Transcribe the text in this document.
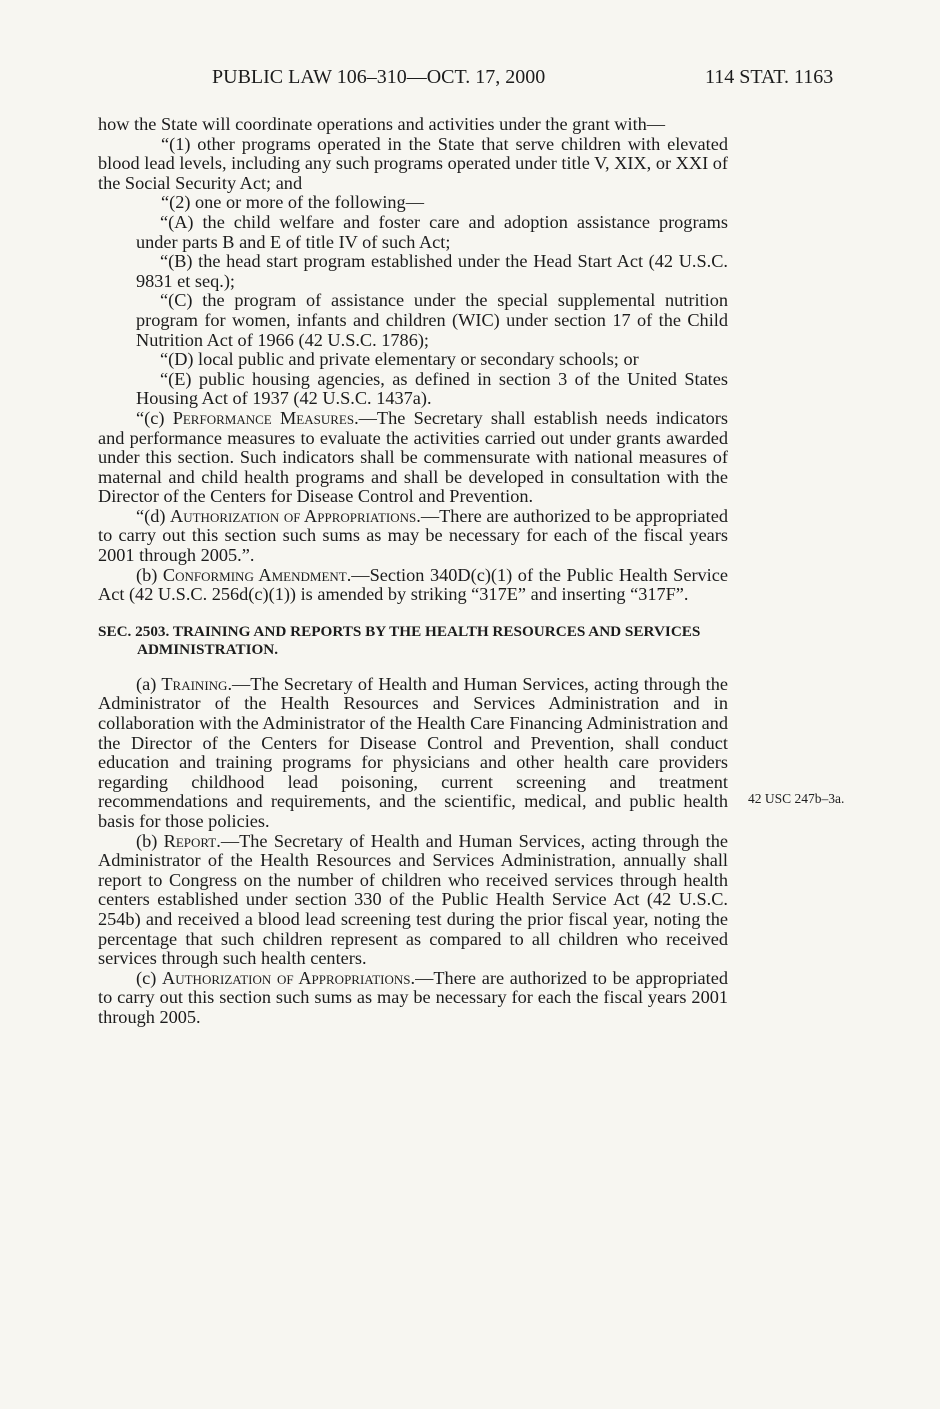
PUBLIC LAW 106–310—OCT. 17, 2000	114 STAT. 1163

how the State will coordinate operations and activities under the grant with—

“(1) other programs operated in the State that serve children with elevated blood lead levels, including any such programs operated under title V, XIX, or XXI of the Social Security Act; and

“(2) one or more of the following—

“(A) the child welfare and foster care and adoption assistance programs under parts B and E of title IV of such Act;

“(B) the head start program established under the Head Start Act (42 U.S.C. 9831 et seq.);

“(C) the program of assistance under the special supplemental nutrition program for women, infants and children (WIC) under section 17 of the Child Nutrition Act of 1966 (42 U.S.C. 1786);

“(D) local public and private elementary or secondary schools; or

“(E) public housing agencies, as defined in section 3 of the United States Housing Act of 1937 (42 U.S.C. 1437a).

“(c) Performance Measures.—The Secretary shall establish needs indicators and performance measures to evaluate the activities carried out under grants awarded under this section. Such indicators shall be commensurate with national measures of maternal and child health programs and shall be developed in consultation with the Director of the Centers for Disease Control and Prevention.

“(d) Authorization of Appropriations.—There are authorized to be appropriated to carry out this section such sums as may be necessary for each of the fiscal years 2001 through 2005.”.

(b) Conforming Amendment.—Section 340D(c)(1) of the Public Health Service Act (42 U.S.C. 256d(c)(1)) is amended by striking “317E” and inserting “317F”.

SEC. 2503. TRAINING AND REPORTS BY THE HEALTH RESOURCES AND SERVICES ADMINISTRATION.

(a) Training.—The Secretary of Health and Human Services, acting through the Administrator of the Health Resources and Services Administration and in collaboration with the Administrator of the Health Care Financing Administration and the Director of the Centers for Disease Control and Prevention, shall conduct education and training programs for physicians and other health care providers regarding childhood lead poisoning, current screening and treatment recommendations and requirements, and the scientific, medical, and public health basis for those policies.

(b) Report.—The Secretary of Health and Human Services, acting through the Administrator of the Health Resources and Services Administration, annually shall report to Congress on the number of children who received services through health centers established under section 330 of the Public Health Service Act (42 U.S.C. 254b) and received a blood lead screening test during the prior fiscal year, noting the percentage that such children represent as compared to all children who received services through such health centers.

(c) Authorization of Appropriations.—There are authorized to be appropriated to carry out this section such sums as may be necessary for each the fiscal years 2001 through 2005.

42 USC 247b–3a.
